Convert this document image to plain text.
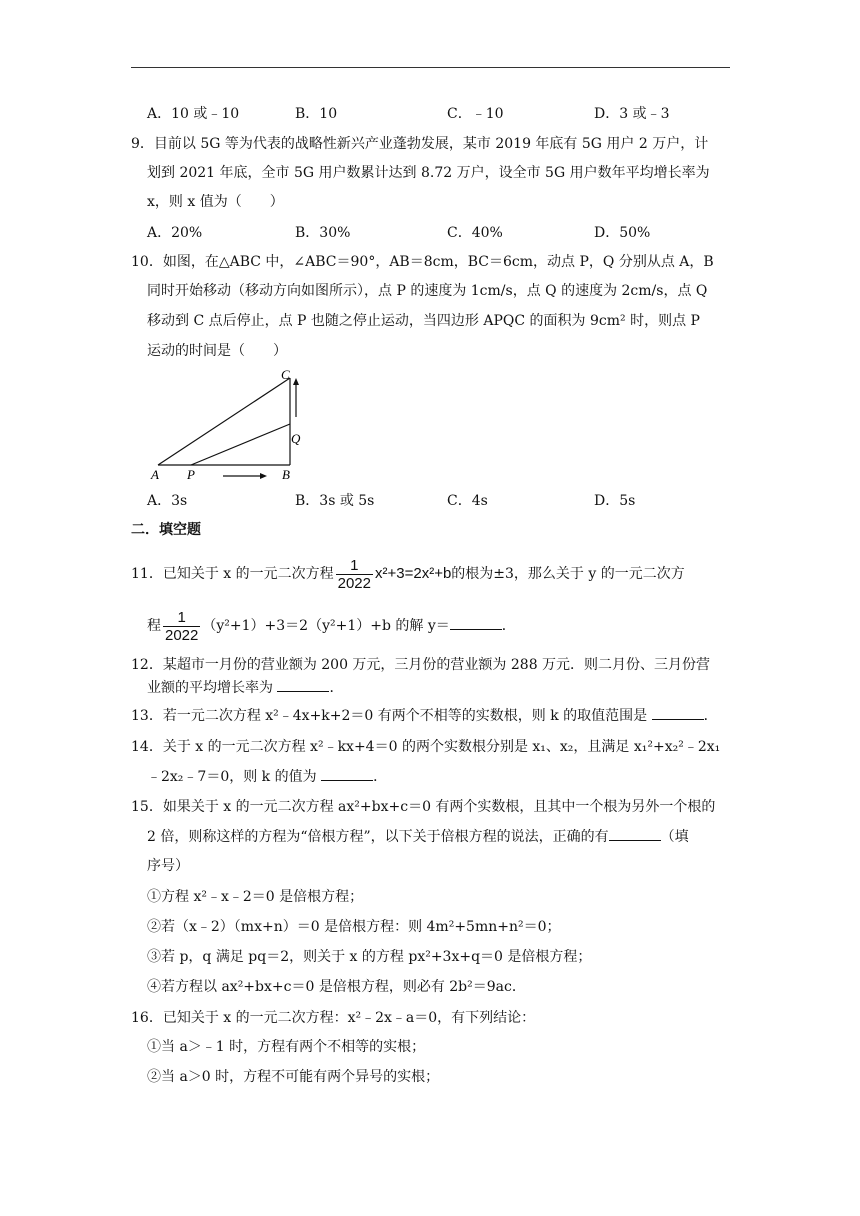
A．10 或﹣10	B．10	C．﹣10	D．3 或﹣3
9．目前以 5G 等为代表的战略性新兴产业蓬勃发展，某市 2019 年底有 5G 用户 2 万户，计
划到 2021 年底，全市 5G 用户数累计达到 8.72 万户，设全市 5G 用户数年平均增长率为
x，则 x 值为（　　）
A．20%	B．30%	C．40%	D．50%
10．如图，在△ABC 中，∠ABC＝90°，AB＝8cm，BC＝6cm，动点 P，Q 分别从点 A，B
同时开始移动（移动方向如图所示），点 P 的速度为 1cm/s，点 Q 的速度为 2cm/s，点 Q
移动到 C 点后停止，点 P 也随之停止运动，当四边形 APQC 的面积为 9cm² 时，则点 P
运动的时间是（　　）
A P	B
C
Q
A．3s	B．3s 或 5s	C．4s	D．5s
二．填空题
11．已知关于 x 的一元二次方程 $\frac{1}{2022} x^2+3=2x^2+b$的根为±3，那么关于 y 的一元二次方
程 $\frac{1}{2022} (y^2+1)+3=2(y^2+1)+b$ 的解 y＝	．
12．某超市一月份的营业额为 200 万元，三月份的营业额为 288 万元．则二月份、三月份营
业额的平均增长率为	．
13．若一元二次方程 x²﹣4x+k+2＝0 有两个不相等的实数根，则 k 的取值范围是	．
14．关于 x 的一元二次方程 x²﹣kx+4＝0 的两个实数根分别是 x₁、x₂，且满足 x₁²+x₂²﹣2x₁
﹣2x₂﹣7＝0，则 k 的值为	．
15．如果关于 x 的一元二次方程 ax²+bx+c＝0 有两个实数根，且其中一个根为另外一个根的
2 倍，则称这样的方程为“倍根方程”，以下关于倍根方程的说法，正确的有	（填
序号）
①方程 x²﹣x﹣2＝0 是倍根方程；
②若（x﹣2）（mx+n）＝0 是倍根方程：则 4m²+5mn+n²＝0；
③若 p，q 满足 pq＝2，则关于 x 的方程 px²+3x+q＝0 是倍根方程；
④若方程以 ax²+bx+c＝0 是倍根方程，则必有 2b²＝9ac．
16．已知关于 x 的一元二次方程：x²﹣2x﹣a＝0，有下列结论：
①当 a＞﹣1 时，方程有两个不相等的实根；
②当 a＞0 时，方程不可能有两个异号的实根；
